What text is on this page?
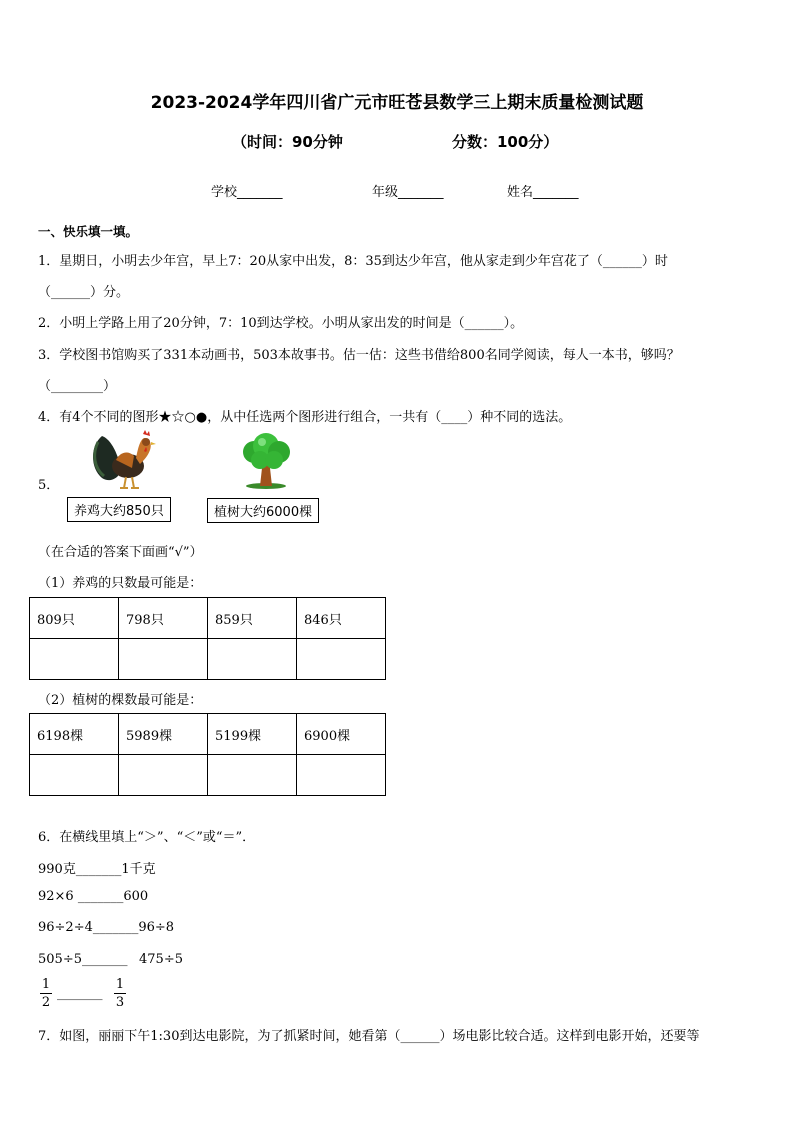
2023-2024学年四川省广元市旺苍县数学三上期末质量检测试题
（时间：90分钟	分数：100分）
学校_______	年级_______	姓名_______
一、快乐填一填。
1．星期日，小明去少年宫，早上7：20从家中出发，8：35到达少年宫，他从家走到少年宫花了（______）时
（______）分。
2．小明上学路上用了20分钟，7：10到达学校。小明从家出发的时间是（______）。
3．学校图书馆购买了331本动画书，503本故事书。估一估：这些书借给800名同学阅读，每人一本书，够吗？
（________）
4．有4个不同的图形★☆○●，从中任选两个图形进行组合，一共有（____）种不同的选法。
5．
养鸡大约850只	植树大约6000棵
（在合适的答案下面画“√”）
（1）养鸡的只数最可能是：
809只	798只	859只	846只

（2）植树的棵数最可能是：
6198棵	5989棵	5199棵	6900棵

6．在横线里填上“＞”、“＜”或“＝”．
990克_______1千克
92×6 _______600
96÷2÷4_______96÷8
505÷5_______ 475÷5
1
2
_______
1
3
7．如图，丽丽下午1:30到达电影院，为了抓紧时间，她看第（______）场电影比较合适。这样到电影开始，还要等
